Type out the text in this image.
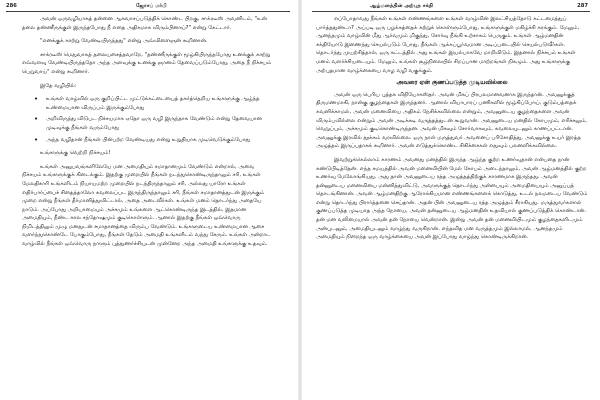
286	ஜோசப் மர்பி

அவன் ஒருவழியாகத் தன்னை ஆசுவாசப்படுத்திக் கொண்ட பிறகு, சாக்ரடீஸ் அவனிடம், "உன் தலை தண்ணீருக்குள் இருந்தபோது நீ எதை அதிகமாக விரும்பினாய்?" என்று கேட்டார்.

"எனக்குக் காற்று வேண்டியிருந்தது" என்று அவ்விளைஞன் கூறினான்.

சாக்ரடீஸ் மெதுவாகத் தலையசைத்தவாறே, "தண்ணீருக்குள் மூழ்கியிருந்தபோது உனக்குக் காற்று எவ்வளவு வேண்டியிருந்ததோ அந்த அளவுக்கு உனக்கு ஞானம் தேவைப்படும்போது, அதை நீ நிச்சயம் பெறுவாய்" என்று கூறினார்.

இதே வழியில்:

• உங்கள் வாழ்வில் ஒரு குறிப்பிட்ட முட்டுக்கட்டையைத் தகர்த்தெறிய உங்களுக்கு ஆழ்ந்த உண்மையான விருப்பம் இருக்கும்போது
• அறிவிருந்து விடுபட நிச்சயமாக ஏதோ ஒரு வழி இருந்தாக வேண்டும் என்று தேவையான முடிவுக்கு நீங்கள் வரும்போது
• அந்த வழிதான் நீங்கள் பின்பற்ற வேண்டியது என்று உறுதியாக முடிவெடுக்கும்போது

உங்களுக்கு வெற்றி நிச்சயம்!

உங்கள் அனுபவங்களிலேயே மன அமைதியும் சமாதானமும் வேண்டும் என்றால், அவை நிச்சயம் உங்களுக்குக் கிடைக்கும். இதற்கு முறையில் நீங்கள் நடந்துகொண்டிருந்தாலும் சரி, உங்கள் மேலதிகாரி உங்களிடம் நியாயமற்ற முறையில் நடந்திருந்தாலும் சரி, அல்லது யாரோ உங்கள் எதிர்பார்ப்பைச் சிதைத்தாலோ கவலைப்பட இருந்திருந்தாலும் சரி, நீங்கள் சமாதானத்துடன் இருக்கும் முறை என்று நீங்கள் தீர்மானித்துவிட்டால், அதை அடைவீர்கள். உங்கள் மனம் தொடர்ந்து அதையே நாடும். அப்போது அறியாமையும் அச்சமும் உங்களை ஆட்கொண்டிருந்த இடத்தில், இதமான அமைதியும், நீண்ட கால சந்தோஷமும் குடிகொள்ளும். ஆனால் இதற்கு நீங்கள் ஒவ்வொரு நிமிடத்திலும் முழு மனதுடன் சமாதானத்தை விரும்ப வேண்டும். உங்களுடைய உண்மையான ஆசை வளர்ந்துகொண்டே போகும்போது, நீங்கள் தேடும் அமைதி உங்களிடம் வந்து சேரும். உங்கள் அன்றாட வாழ்வில் நீங்கள் ஒவ்வொரு நாளும் புத்துணர்ச்சியுடன் முன்னேற அந்த அமைதி உங்களுக்கு உதவும்.

ஆழ்மனத்தின் அற்புத சக்தி	287

எப்போதாவது நீங்கள் உங்கள் எண்ணங்களை உங்கள் வாழ்வின் இலட்சியத்தோடு கட்டமைத்துப் பார்த்ததுண்டா? அப்படி ஒரு பழக்கத்தைக் கற்றுக் கொள்ளும்போது, உங்களுக்குள் மகிழ்ச்சி சுரக்கும். மேலும், ஆனந்தமும் வாழ்வின் மீது ஆர்வமும் மிகுந்து, சோர்வு நீங்கி உற்சாகம் பெருகும். உங்கள் ஆழ்மனதின் சக்தியோடு இணைந்து செயல்படும் போது, நீங்கள் ஆக்கப்பூர்வமான அடிப்படையில் செயல்படுவீர்கள். தொடர்ந்து முயற்சித்தால், ஒரு கட்டத்தில் அது உங்கள் இயல்பாகவே மாறிவிடும். இதனால் நிச்சயம் உங்கள் மனம் வளர்ச்சியடையும். மேலும், உங்கள் சூழ்நிலையில் சிறப்பான மாற்றங்கள் நிகழும். அது உங்களுக்கு அற்புதமான வாழ்க்கையை வாழ வழி வகுக்கும்.

அவரை ஏன் குணப்படுத்த முடியவில்லை

அவன் ஒரு பெரிய புத்தக விநியோகஸ்தர். அவன் மிகப் பிரபலமானவனாக இருந்தான். அவனுக்குத் திருமணமாகி, நான்கு குழந்தைகள் இருந்தனர். ஆனால் வியாபாரப் பணிகளில் மூழ்கிப்போய், குடும்பத்தைக் கவனிக்காமல், அவன் மனைவியை அதிகம் நேசிக்கவில்லை என்றும், அவனுடைய குழந்தைகளை அவன் விரும்பவில்லை என்றும் அவன் அடிக்கடி வருத்தத்துடன் கூறுவான். அவனுடைய மனதில் கோபமும், எரிச்சலும், வெறுப்பும், அச்சமும் குடிகொண்டிருந்தன. அவன் மிகவும் சோர்வாகவும், கவலையுடனும் காணப்பட்டான். அவனுக்கு இரவில் தூக்கம் வரவில்லை. ஒரு நாள் மருத்துவர் அவனைப் பரிசோதித்து, அவனுக்கு உயர் இரத்த அழுத்தம் இருப்பதாகக் கூறினார். அவன் எடுத்துக்கொண்ட சிகிச்சைகள் எதுவும் பலனளிக்கவில்லை.

இவற்றுக்கெல்லாம் காரணம் அவனது மனத்தில் இருந்த ஆழ்ந்த குற்ற உணர்வுதான் என்பதை நான் கண்டுபிடித்தேன். எந்த சமயத்தில் அவன் மனைவியின் மேல் கோபம் அடைந்தாலும், அவன் ஆழ்மனத்தில் குற்ற உணர்வு மேலோங்கியது. அது தான் அவனுடைய ரத்த அழுத்தத்திற்குக் காரணமாக இருந்தது. அவன் தன்னுடைய மனைவியை மன்னித்துவிட்டு, அவளுக்குத் தொடர்ந்து அன்பையும் அமைதியையும் அனுப்பத் தொடங்கினான். அவன் ஆழ்மனதிற்கு ஆரோக்கியமான எண்ணங்களைக் கொடுத்து, உடல் நலமடைய வேண்டும் என்று தொடர்ந்து பிரார்த்தனை செய்தான். அதன் பின் அவனுடைய ரத்த அழுத்தம் சீராகியது. மருத்துவர்களால் குணப்படுத்த முடியாத அந்த நோயை, அவன் தன்னுடைய ஆழ்மனதின் உதவியால் குணப்படுத்திக் கொண்டான். தன் மன வலிமையால் அவன் தன் நோயை வென்றான். இன்று அவன் தன் மனைவியிடமும் குழந்தைகளிடமும் அன்புடனும், அமைதியுடனும் வாழ்ந்து வருகிறான். எந்தவித மன வருத்தமும் இல்லாமல், ஆனந்தமும் அமைதியும் நிறைந்த ஒரு வாழ்க்கையை அவன் இப்போது வாழ்ந்து கொண்டிருக்கிறான்.
